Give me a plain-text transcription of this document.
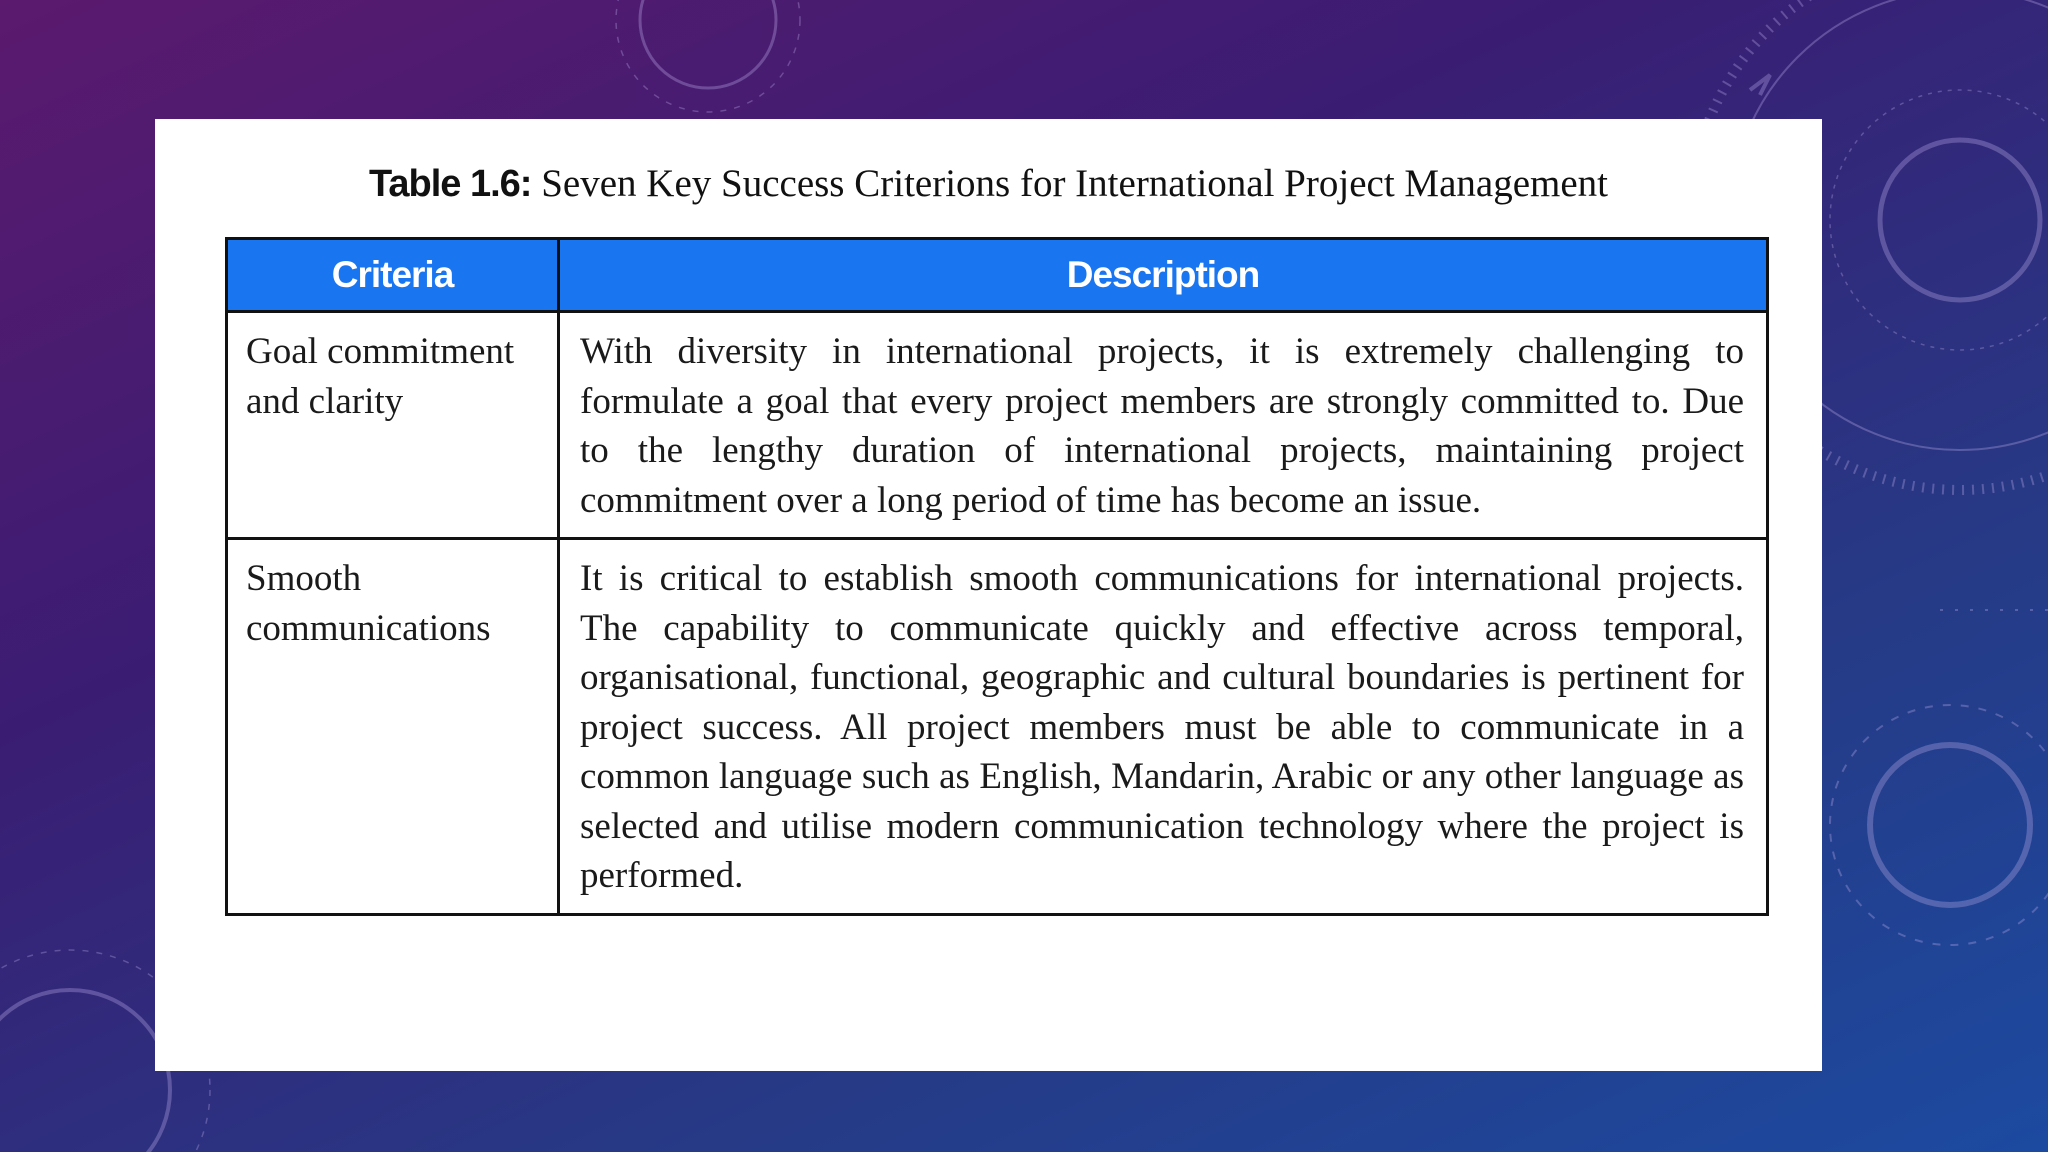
Table 1.6: Seven Key Success Criterions for International Project Management
Criteria	Description
Goal commitment and clarity	With diversity in international projects, it is extremely challenging to formulate a goal that every project members are strongly committed to. Due to the lengthy duration of international projects, maintaining project commitment over a long period of time has become an issue.
Smooth communications	It is critical to establish smooth communications for international projects. The capability to communicate quickly and effective across temporal, organisational, functional, geographic and cultural boundaries is pertinent for project success. All project members must be able to communicate in a common language such as English, Mandarin, Arabic or any other language as selected and utilise modern communication technology where the project is performed.
